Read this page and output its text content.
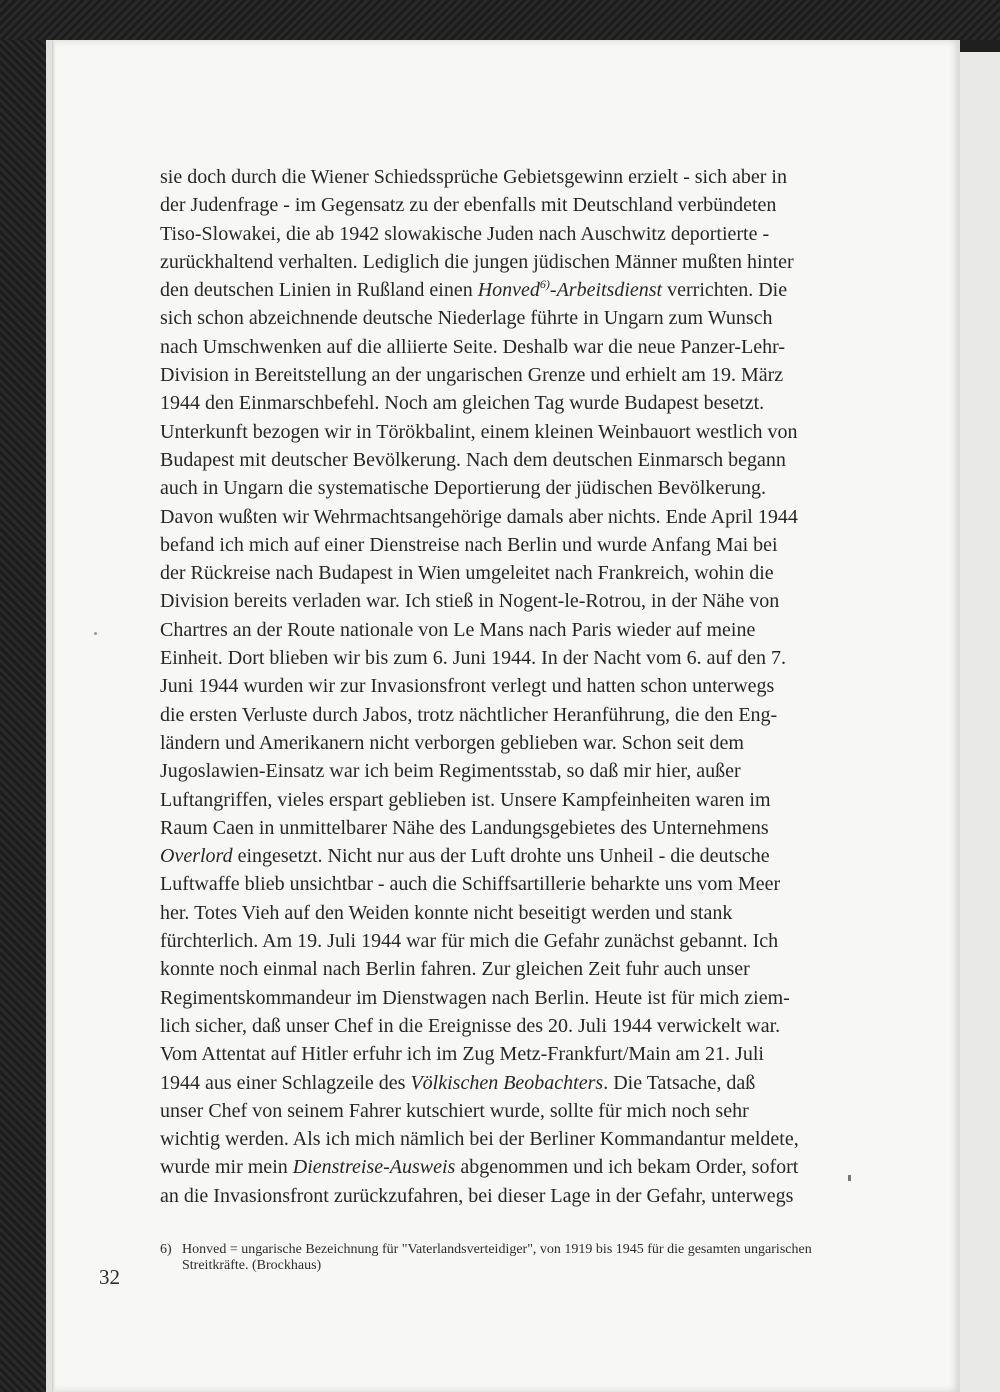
sie doch durch die Wiener Schiedssprüche Gebietsgewinn erzielt - sich aber in
der Judenfrage - im Gegensatz zu der ebenfalls mit Deutschland verbündeten
Tiso-Slowakei, die ab 1942 slowakische Juden nach Auschwitz deportierte -
zurückhaltend verhalten. Lediglich die jungen jüdischen Männer mußten hinter
den deutschen Linien in Rußland einen Honved$^{6)}$-Arbeitsdienst verrichten. Die
sich schon abzeichnende deutsche Niederlage führte in Ungarn zum Wunsch
nach Umschwenken auf die alliierte Seite. Deshalb war die neue Panzer-Lehr-
Division in Bereitstellung an der ungarischen Grenze und erhielt am 19. März
1944 den Einmarschbefehl. Noch am gleichen Tag wurde Budapest besetzt.
Unterkunft bezogen wir in Törökbalint, einem kleinen Weinbauort westlich von
Budapest mit deutscher Bevölkerung. Nach dem deutschen Einmarsch begann
auch in Ungarn die systematische Deportierung der jüdischen Bevölkerung.
Davon wußten wir Wehrmachtsangehörige damals aber nichts. Ende April 1944
befand ich mich auf einer Dienstreise nach Berlin und wurde Anfang Mai bei
der Rückreise nach Budapest in Wien umgeleitet nach Frankreich, wohin die
Division bereits verladen war. Ich stieß in Nogent-le-Rotrou, in der Nähe von
Chartres an der Route nationale von Le Mans nach Paris wieder auf meine
Einheit. Dort blieben wir bis zum 6. Juni 1944. In der Nacht vom 6. auf den 7.
Juni 1944 wurden wir zur Invasionsfront verlegt und hatten schon unterwegs
die ersten Verluste durch Jabos, trotz nächtlicher Heranführung, die den Eng-
ländern und Amerikanern nicht verborgen geblieben war. Schon seit dem
Jugoslawien-Einsatz war ich beim Regimentsstab, so daß mir hier, außer
Luftangriffen, vieles erspart geblieben ist. Unsere Kampfeinheiten waren im
Raum Caen in unmittelbarer Nähe des Landungsgebietes des Unternehmens
Overlord eingesetzt. Nicht nur aus der Luft drohte uns Unheil - die deutsche
Luftwaffe blieb unsichtbar - auch die Schiffsartillerie beharkte uns vom Meer
her. Totes Vieh auf den Weiden konnte nicht beseitigt werden und stank
fürchterlich. Am 19. Juli 1944 war für mich die Gefahr zunächst gebannt. Ich
konnte noch einmal nach Berlin fahren. Zur gleichen Zeit fuhr auch unser
Regimentskommandeur im Dienstwagen nach Berlin. Heute ist für mich ziem-
lich sicher, daß unser Chef in die Ereignisse des 20. Juli 1944 verwickelt war.
Vom Attentat auf Hitler erfuhr ich im Zug Metz-Frankfurt/Main am 21. Juli
1944 aus einer Schlagzeile des Völkischen Beobachters. Die Tatsache, daß
unser Chef von seinem Fahrer kutschiert wurde, sollte für mich noch sehr
wichtig werden. Als ich mich nämlich bei der Berliner Kommandantur meldete,
wurde mir mein Dienstreise-Ausweis abgenommen und ich bekam Order, sofort
an die Invasionsfront zurückzufahren, bei dieser Lage in der Gefahr, unterwegs
6) Honved = ungarische Bezeichnung für "Vaterlandsverteidiger", von 1919 bis 1945 für die gesamten ungarischen Streitkräfte. (Brockhaus)
32
